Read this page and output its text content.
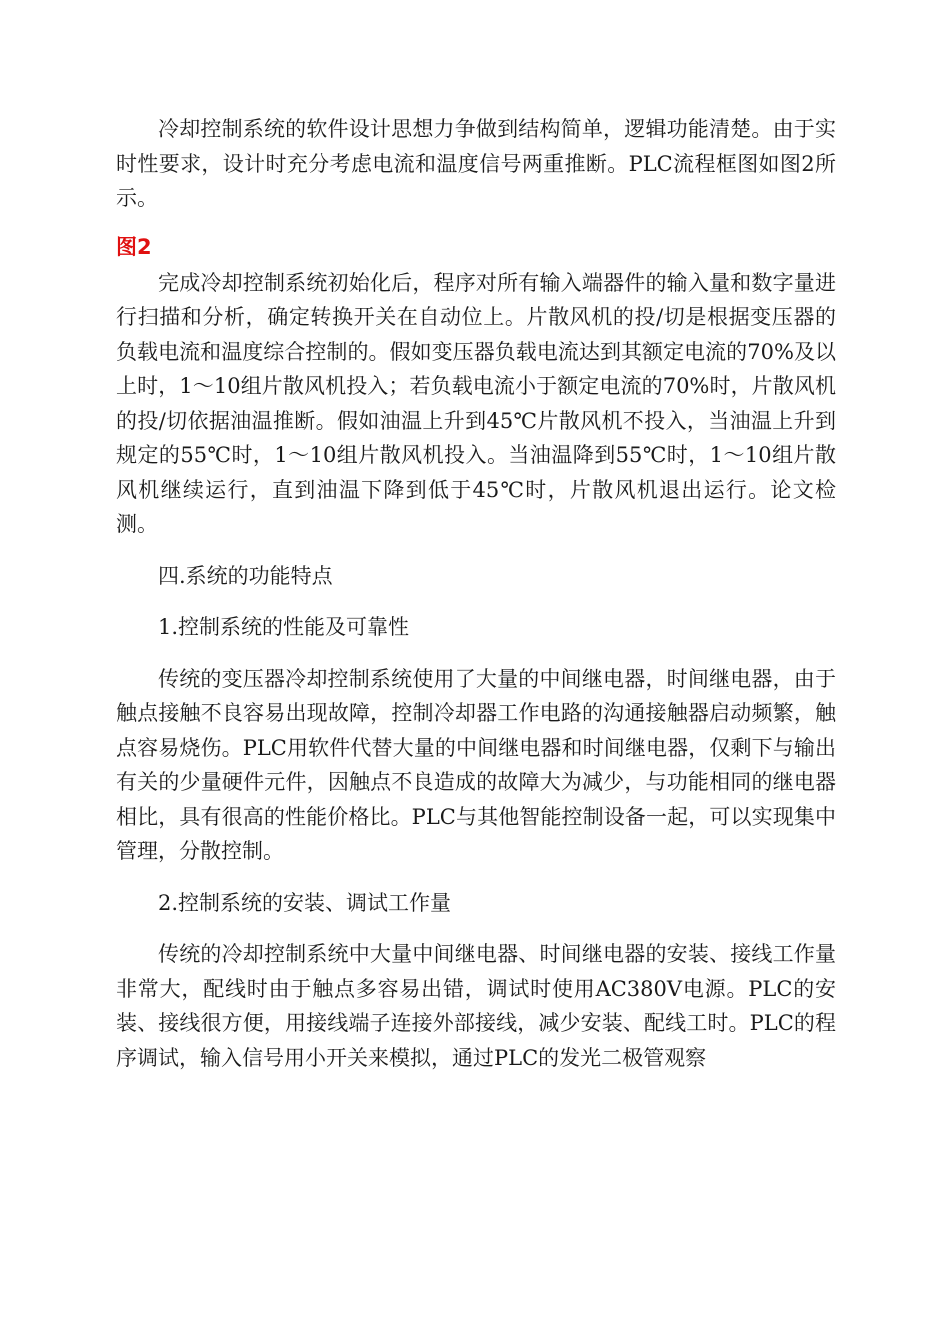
冷却控制系统的软件设计思想力争做到结构简单，逻辑功能清楚。由于实时性要求，设计时充分考虑电流和温度信号两重推断。PLC流程框图如图2所示。

图2

完成冷却控制系统初始化后，程序对所有输入端器件的输入量和数字量进行扫描和分析，确定转换开关在自动位上。片散风机的投/切是根据变压器的负载电流和温度综合控制的。假如变压器负载电流达到其额定电流的70%及以上时，1～10组片散风机投入；若负载电流小于额定电流的70%时，片散风机的投/切依据油温推断。假如油温上升到45℃片散风机不投入，当油温上升到规定的55℃时，1～10组片散风机投入。当油温降到55℃时，1～10组片散风机继续运行，直到油温下降到低于45℃时，片散风机退出运行。论文检测。

四.系统的功能特点

1.控制系统的性能及可靠性

传统的变压器冷却控制系统使用了大量的中间继电器，时间继电器，由于触点接触不良容易出现故障，控制冷却器工作电路的沟通接触器启动频繁，触点容易烧伤。PLC用软件代替大量的中间继电器和时间继电器，仅剩下与输出有关的少量硬件元件，因触点不良造成的故障大为减少，与功能相同的继电器相比，具有很高的性能价格比。PLC与其他智能控制设备一起，可以实现集中管理，分散控制。

2.控制系统的安装、调试工作量

传统的冷却控制系统中大量中间继电器、时间继电器的安装、接线工作量非常大，配线时由于触点多容易出错，调试时使用AC380V电源。PLC的安装、接线很方便，用接线端子连接外部接线，减少安装、配线工时。PLC的程序调试，输入信号用小开关来模拟，通过PLC的发光二极管观察
